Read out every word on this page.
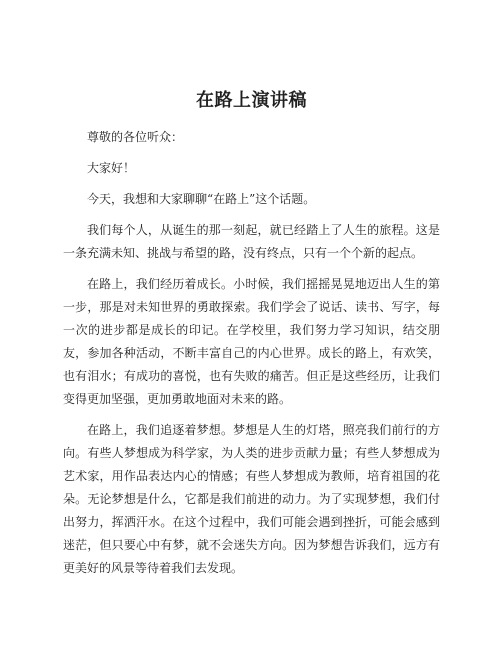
在路上演讲稿

尊敬的各位听众：

大家好！

今天，我想和大家聊聊“在路上”这个话题。

我们每个人，从诞生的那一刻起，就已经踏上了人生的旅程。这是一条充满未知、挑战与希望的路，没有终点，只有一个个新的起点。

在路上，我们经历着成长。小时候，我们摇摇晃晃地迈出人生的第一步，那是对未知世界的勇敢探索。我们学会了说话、读书、写字，每一次的进步都是成长的印记。在学校里，我们努力学习知识，结交朋友，参加各种活动，不断丰富自己的内心世界。成长的路上，有欢笑，也有泪水；有成功的喜悦，也有失败的痛苦。但正是这些经历，让我们变得更加坚强，更加勇敢地面对未来的路。

在路上，我们追逐着梦想。梦想是人生的灯塔，照亮我们前行的方向。有些人梦想成为科学家，为人类的进步贡献力量；有些人梦想成为艺术家，用作品表达内心的情感；有些人梦想成为教师，培育祖国的花朵。无论梦想是什么，它都是我们前进的动力。为了实现梦想，我们付出努力，挥洒汗水。在这个过程中，我们可能会遇到挫折，可能会感到迷茫，但只要心中有梦，就不会迷失方向。因为梦想告诉我们，远方有更美好的风景等待着我们去发现。
